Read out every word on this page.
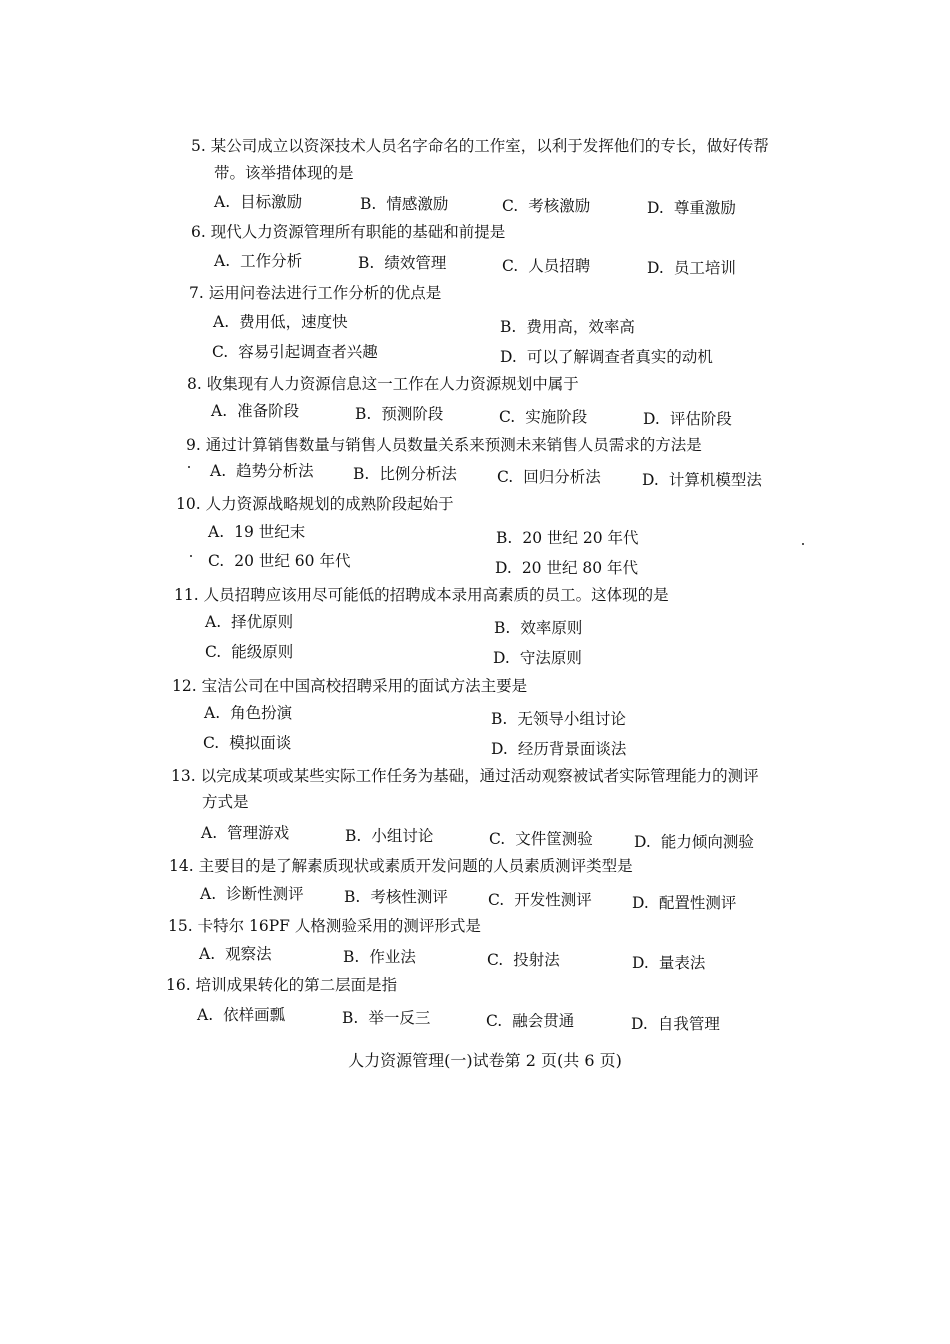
5. 某公司成立以资深技术人员名字命名的工作室，以利于发挥他们的专长，做好传帮
带。该举措体现的是
A. 目标激励	B. 情感激励	C. 考核激励	D. 尊重激励
6. 现代人力资源管理所有职能的基础和前提是
A. 工作分析	B. 绩效管理	C. 人员招聘	D. 员工培训
7. 运用问卷法进行工作分析的优点是
A. 费用低，速度快	B. 费用高，效率高
C. 容易引起调查者兴趣	D. 可以了解调查者真实的动机
8. 收集现有人力资源信息这一工作在人力资源规划中属于
A. 准备阶段	B. 预测阶段	C. 实施阶段	D. 评估阶段
9. 通过计算销售数量与销售人员数量关系来预测未来销售人员需求的方法是
A. 趋势分析法	B. 比例分析法	C. 回归分析法	D. 计算机模型法
10. 人力资源战略规划的成熟阶段起始于
A. 19 世纪末	B. 20 世纪 20 年代
C. 20 世纪 60 年代	D. 20 世纪 80 年代
11. 人员招聘应该用尽可能低的招聘成本录用高素质的员工。这体现的是
A. 择优原则	B. 效率原则
C. 能级原则	D. 守法原则
12. 宝洁公司在中国高校招聘采用的面试方法主要是
A. 角色扮演	B. 无领导小组讨论
C. 模拟面谈	D. 经历背景面谈法
13. 以完成某项或某些实际工作任务为基础，通过活动观察被试者实际管理能力的测评
方式是
A. 管理游戏	B. 小组讨论	C. 文件筐测验	D. 能力倾向测验
14. 主要目的是了解素质现状或素质开发问题的人员素质测评类型是
A. 诊断性测评	B. 考核性测评	C. 开发性测评	D. 配置性测评
15. 卡特尔 16PF 人格测验采用的测评形式是
A. 观察法	B. 作业法	C. 投射法	D. 量表法
16. 培训成果转化的第二层面是指
A. 依样画瓢	B. 举一反三	C. 融会贯通	D. 自我管理
人力资源管理(一)试卷第 2 页(共 6 页)
